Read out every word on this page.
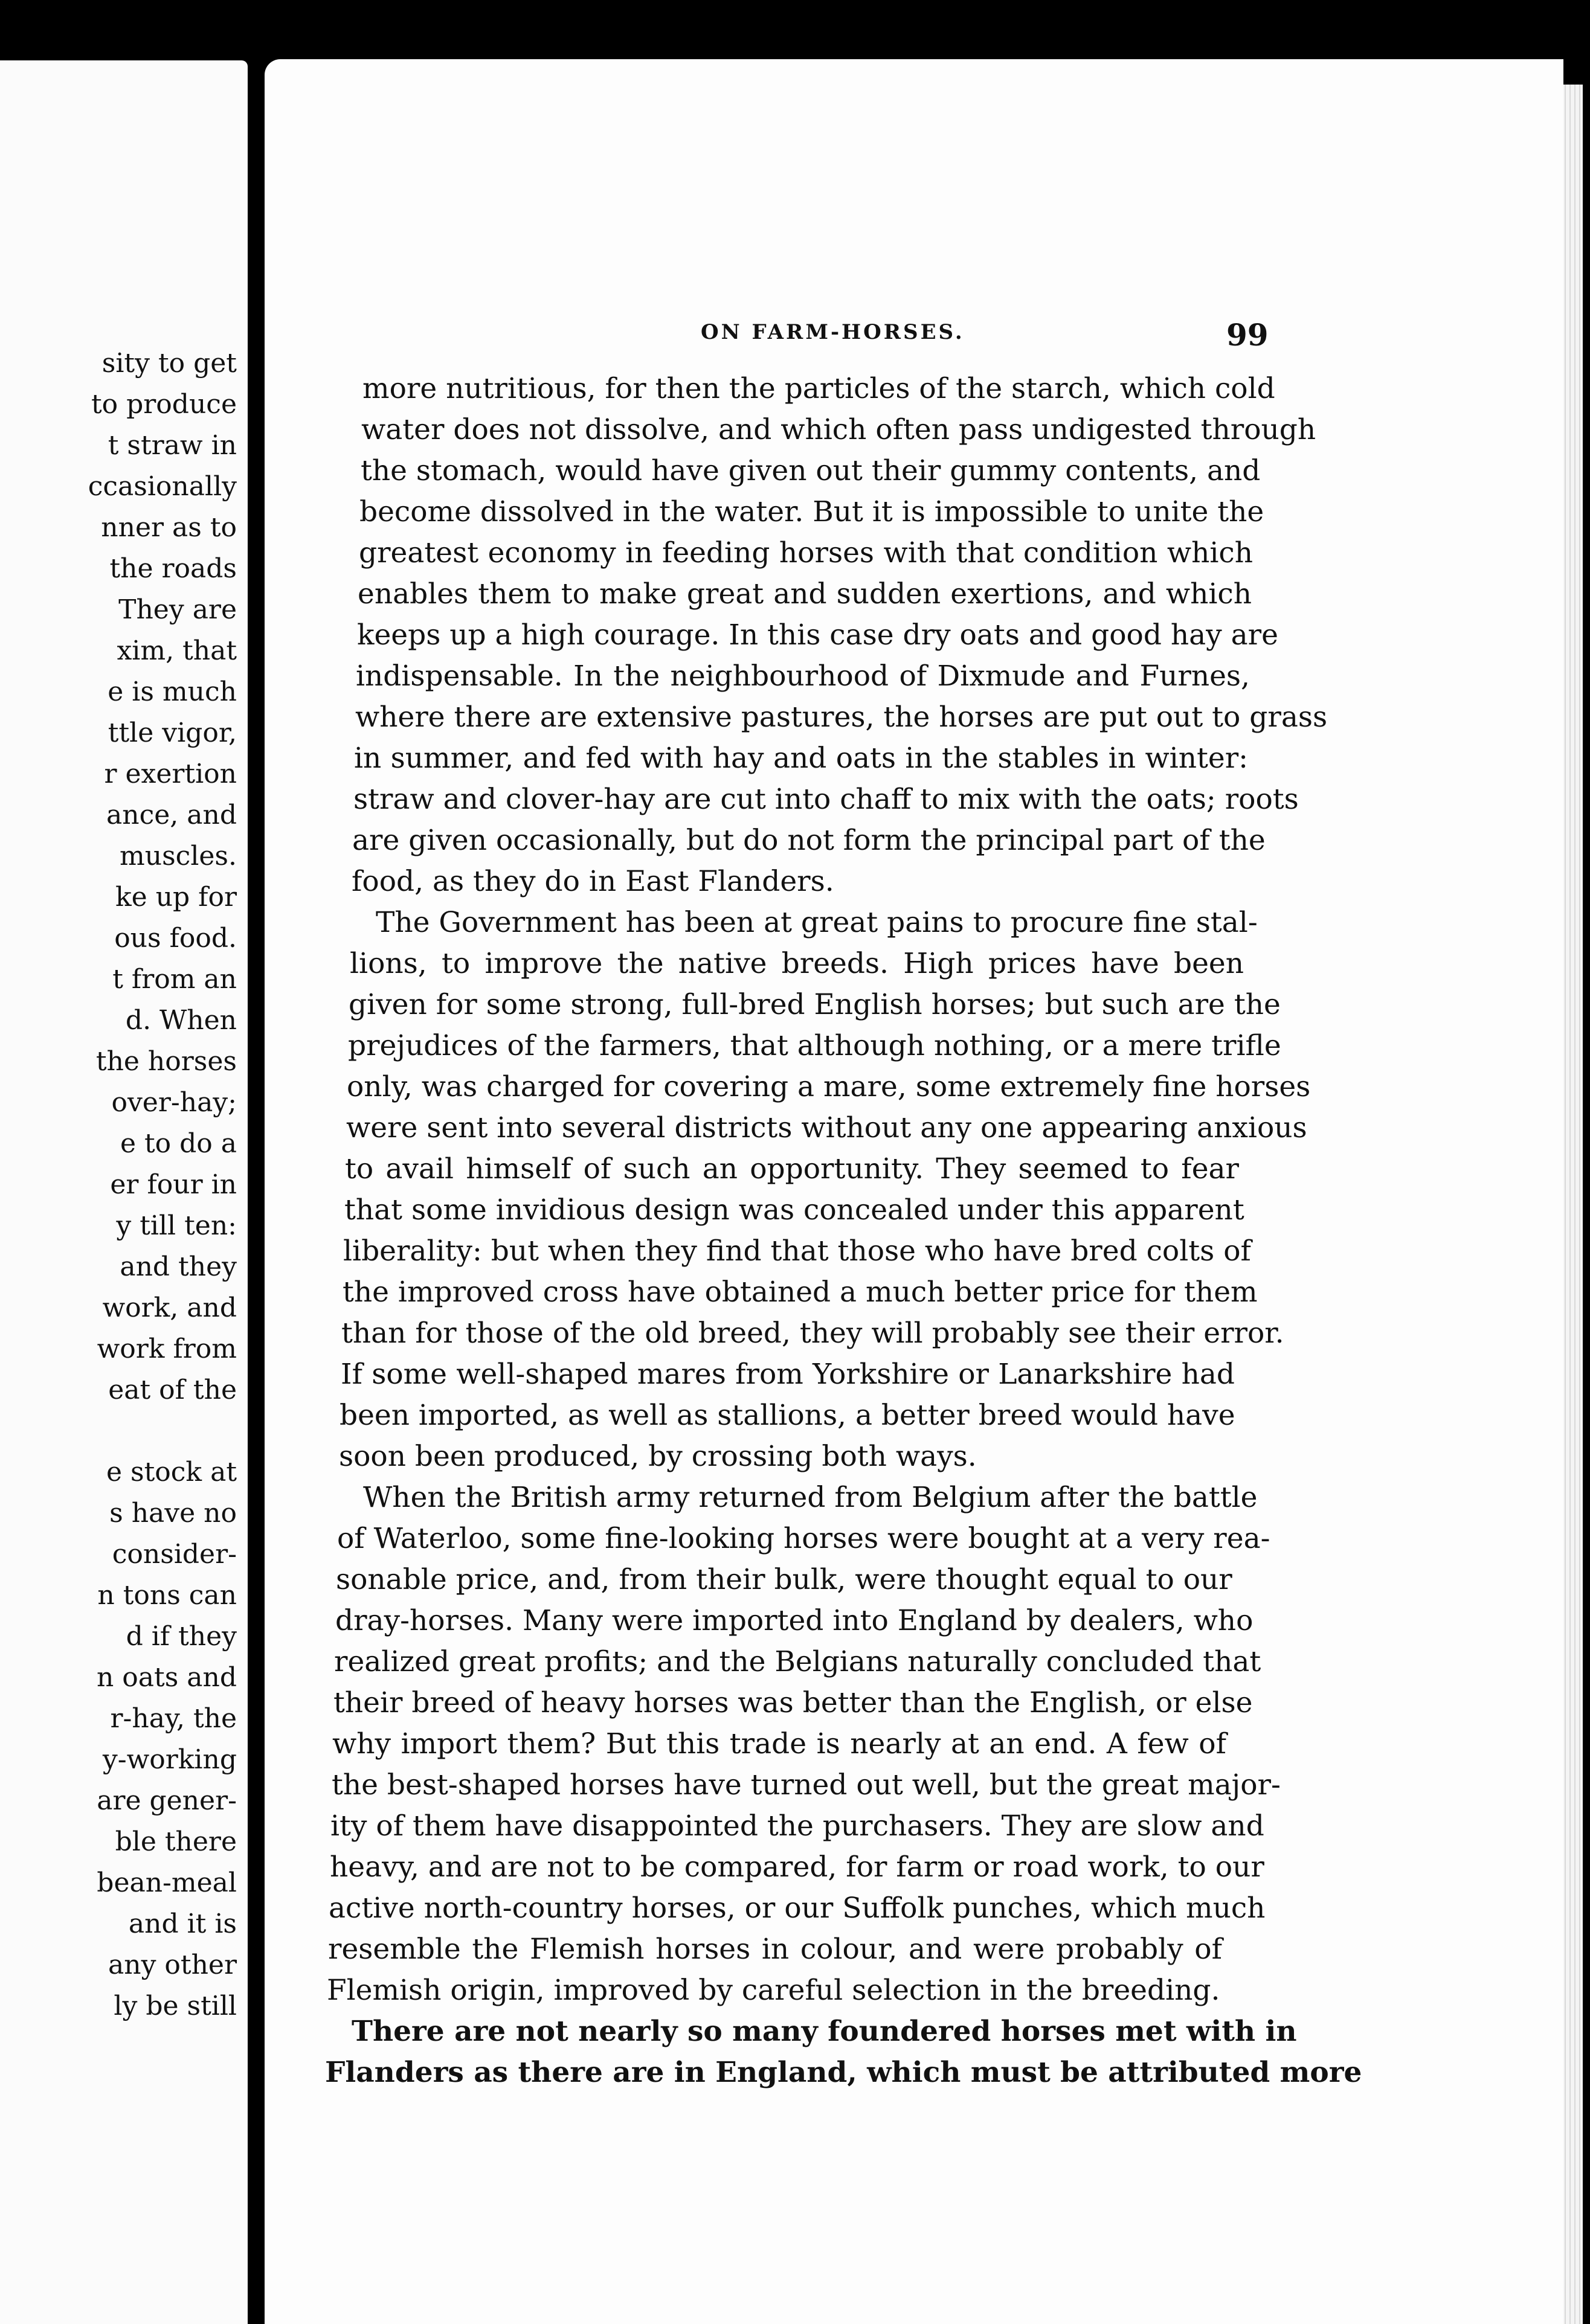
sity to get
to produce
t straw in
ccasionally
nner as to
the roads
They are
xim, that
e is much
ttle vigor,
r exertion
ance, and
muscles.
ke up for
ous food.
t from an
d. When
the horses
over-hay;
e to do a
er four in
y till ten:
and they
work, and
work from
eat of the
e stock at
s have no
consider-
n tons can
d if they
n oats and
r-hay, the
y-working
are gener-
ble there
bean-meal
and it is
any other
ly be still
ON FARM-HORSES.	99
more nutritious, for then the particles of the starch, which cold
water does not dissolve, and which often pass undigested through
the stomach, would have given out their gummy contents, and
become dissolved in the water. But it is impossible to unite the
greatest economy in feeding horses with that condition which
enables them to make great and sudden exertions, and which
keeps up a high courage. In this case dry oats and good hay are
indispensable. In the neighbourhood of Dixmude and Furnes,
where there are extensive pastures, the horses are put out to grass
in summer, and fed with hay and oats in the stables in winter:
straw and clover-hay are cut into chaff to mix with the oats; roots
are given occasionally, but do not form the principal part of the
food, as they do in East Flanders.
The Government has been at great pains to procure fine stal-
lions, to improve the native breeds. High prices have been
given for some strong, full-bred English horses; but such are the
prejudices of the farmers, that although nothing, or a mere trifle
only, was charged for covering a mare, some extremely fine horses
were sent into several districts without any one appearing anxious
to avail himself of such an opportunity. They seemed to fear
that some invidious design was concealed under this apparent
liberality: but when they find that those who have bred colts of
the improved cross have obtained a much better price for them
than for those of the old breed, they will probably see their error.
If some well-shaped mares from Yorkshire or Lanarkshire had
been imported, as well as stallions, a better breed would have
soon been produced, by crossing both ways.
When the British army returned from Belgium after the battle
of Waterloo, some fine-looking horses were bought at a very rea-
sonable price, and, from their bulk, were thought equal to our
dray-horses. Many were imported into England by dealers, who
realized great profits; and the Belgians naturally concluded that
their breed of heavy horses was better than the English, or else
why import them? But this trade is nearly at an end. A few of
the best-shaped horses have turned out well, but the great major-
ity of them have disappointed the purchasers. They are slow and
heavy, and are not to be compared, for farm or road work, to our
active north-country horses, or our Suffolk punches, which much
resemble the Flemish horses in colour, and were probably of
Flemish origin, improved by careful selection in the breeding.
There are not nearly so many foundered horses met with in
Flanders as there are in England, which must be attributed more
